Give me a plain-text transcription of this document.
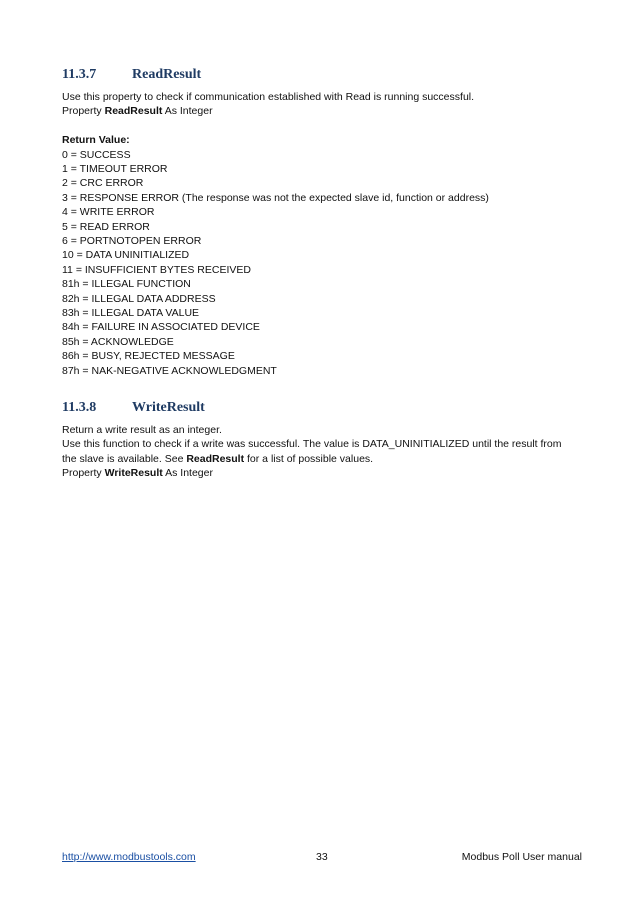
11.3.7	ReadResult
Use this property to check if communication established with Read is running successful.
Property ReadResult As Integer
Return Value:
0 = SUCCESS
1 = TIMEOUT ERROR
2 = CRC ERROR
3 = RESPONSE ERROR (The response was not the expected slave id, function or address)
4 = WRITE ERROR
5 = READ ERROR
6 = PORTNOTOPEN ERROR
10 = DATA UNINITIALIZED
11 = INSUFFICIENT BYTES RECEIVED
81h = ILLEGAL FUNCTION
82h = ILLEGAL DATA ADDRESS
83h = ILLEGAL DATA VALUE
84h = FAILURE IN ASSOCIATED DEVICE
85h = ACKNOWLEDGE
86h = BUSY, REJECTED MESSAGE
87h = NAK-NEGATIVE ACKNOWLEDGMENT
11.3.8	WriteResult
Return a write result as an integer.
Use this function to check if a write was successful. The value is DATA_UNINITIALIZED until the result from
the slave is available. See ReadResult for a list of possible values.
Property WriteResult As Integer
http://www.modbustools.com	33	Modbus Poll User manual
